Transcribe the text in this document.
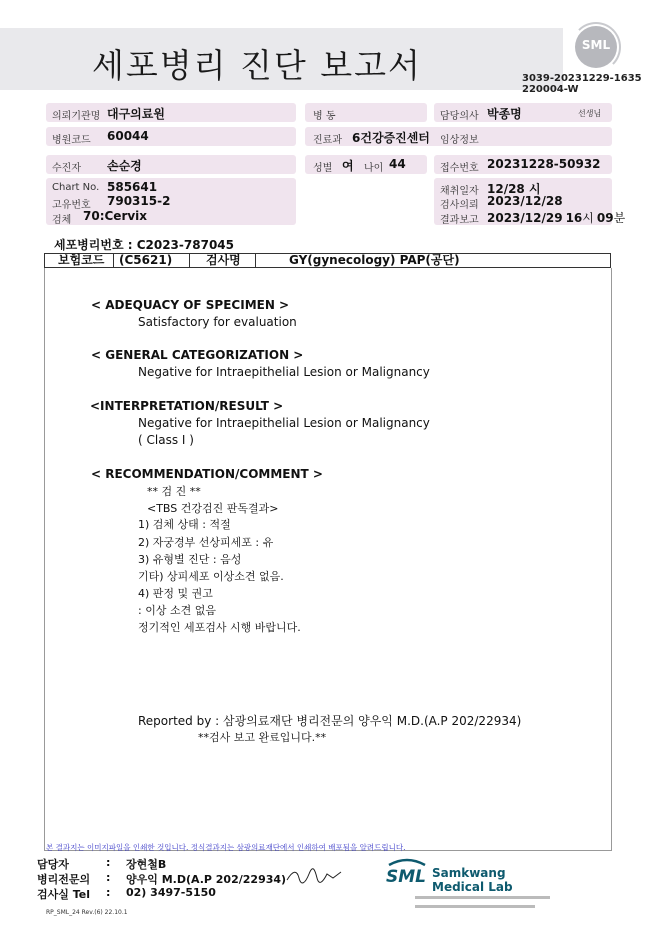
세포병리 진단 보고서
SML
3039-20231229-1635
220004-W
의뢰기관명 대구의료원	병 동	담당의사 박종명	선생님
병원코드 60044	진료과 6건강증진센터 임상정보
수진자 손순경	성별 여 나이 44	접수번호 20231228-50932
Chart No. 585641
고유번호 790315-2
검체 70:Cervix
채취일자 12/28 시
검사의뢰 2023/12/28
결과보고 2023/12/29 16시 09분
세포병리번호 : C2023-787045
보험코드 (C5621)	검사명	GY(gynecology) PAP(공단)
< ADEQUACY OF SPECIMEN >
Satisfactory for evaluation
< GENERAL CATEGORIZATION >
Negative for Intraepithelial Lesion or Malignancy
<INTERPRETATION/RESULT >
Negative for Intraepithelial Lesion or Malignancy
( Class I )
< RECOMMENDATION/COMMENT >
** 검 진 **
<TBS 건강검진 판독결과>
1) 검체 상태 : 적절
2) 자궁경부 선상피세포 : 유
3) 유형별 진단 : 음성
기타) 상피세포 이상소견 없음.
4) 판정 및 권고
: 이상 소견 없음
정기적인 세포검사 시행 바랍니다.
Reported by : 삼광의료재단 병리전문의 양우익 M.D.(A.P 202/22934)
**검사 보고 완료입니다.**
본 결과지는 이미지파일을 인쇄한 것입니다. 정식결과지는 삼광의료재단에서 인쇄하여 배포됨을 알려드립니다.
담당자	: 장현철B
병리전문의 : 양우익 M.D(A.P 202/22934)
검사실 Tel : 02) 3497-5150
RP_SML_24 Rev.(6) 22.10.1
SML Samkwang
Medical Lab
